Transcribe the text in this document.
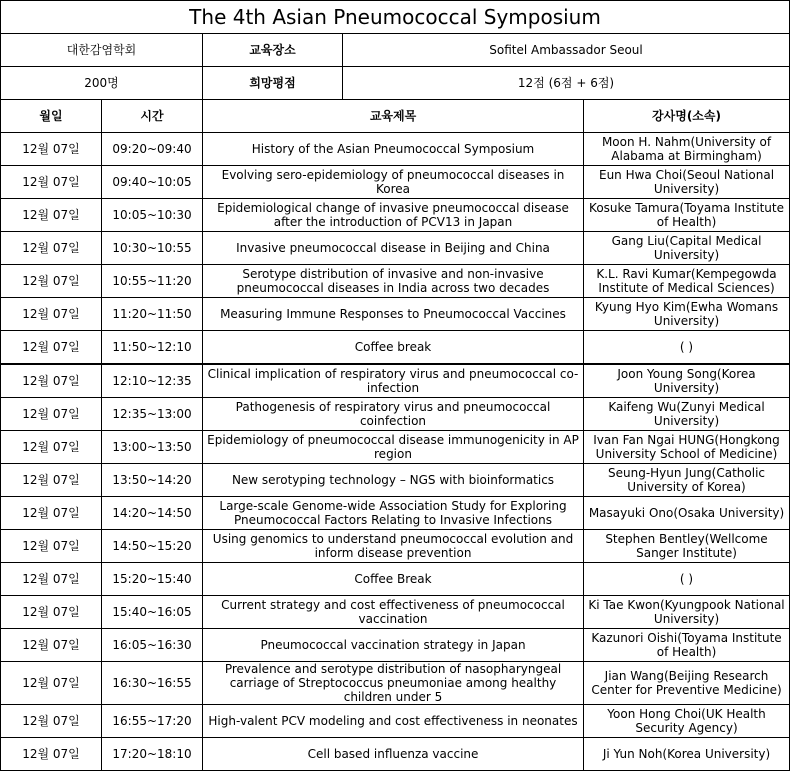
The 4th Asian Pneumococcal Symposium				
대한감염학회		교육장소	Sofitel Ambassador Seoul	
200명		희망평점	12점 (6점 + 6점)	
월일	시간	교육제목		강사명(소속)
12월 07일	09:20~09:40	History of the Asian Pneumococcal Symposium		Moon H. Nahm(University of Alabama at Birmingham)
12월 07일	09:40~10:05	Evolving sero-epidemiology of pneumococcal diseases in Korea		Eun Hwa Choi(Seoul National University)
12월 07일	10:05~10:30	Epidemiological change of invasive pneumococcal disease after the introduction of PCV13 in Japan		Kosuke Tamura(Toyama Institute of Health)
12월 07일	10:30~10:55	Invasive pneumococcal disease in Beijing and China		Gang Liu(Capital Medical University)
12월 07일	10:55~11:20	Serotype distribution of invasive and non-invasive pneumococcal diseases in India across two decades		K.L. Ravi Kumar(Kempegowda Institute of Medical Sciences)
12월 07일	11:20~11:50	Measuring Immune Responses to Pneumococcal Vaccines		Kyung Hyo Kim(Ewha Womans University)
12월 07일	11:50~12:10	Coffee break		( )
12월 07일	12:10~12:35	Clinical implication of respiratory virus and pneumococcal co-infection		Joon Young Song(Korea University)
12월 07일	12:35~13:00	Pathogenesis of respiratory virus and pneumococcal coinfection		Kaifeng Wu(Zunyi Medical University)
12월 07일	13:00~13:50	Epidemiology of pneumococcal disease immunogenicity in AP region		Ivan Fan Ngai HUNG(Hongkong University School of Medicine)
12월 07일	13:50~14:20	New serotyping technology – NGS with bioinformatics		Seung-Hyun Jung(Catholic University of Korea)
12월 07일	14:20~14:50	Large-scale Genome-wide Association Study for Exploring Pneumococcal Factors Relating to Invasive Infections		Masayuki Ono(Osaka University)
12월 07일	14:50~15:20	Using genomics to understand pneumococcal evolution and inform disease prevention		Stephen Bentley(Wellcome Sanger Institute)
12월 07일	15:20~15:40	Coffee Break		( )
12월 07일	15:40~16:05	Current strategy and cost effectiveness of pneumococcal vaccination		Ki Tae Kwon(Kyungpook National University)
12월 07일	16:05~16:30	Pneumococcal vaccination strategy in Japan		Kazunori Oishi(Toyama Institute of Health)
12월 07일	16:30~16:55	Prevalence and serotype distribution of nasopharyngeal carriage of Streptococcus pneumoniae among healthy children under 5		Jian Wang(Beijing Research Center for Preventive Medicine)
12월 07일	16:55~17:20	High-valent PCV modeling and cost effectiveness in neonates		Yoon Hong Choi(UK Health Security Agency)
12월 07일	17:20~18:10	Cell based influenza vaccine		Ji Yun Noh(Korea University)
